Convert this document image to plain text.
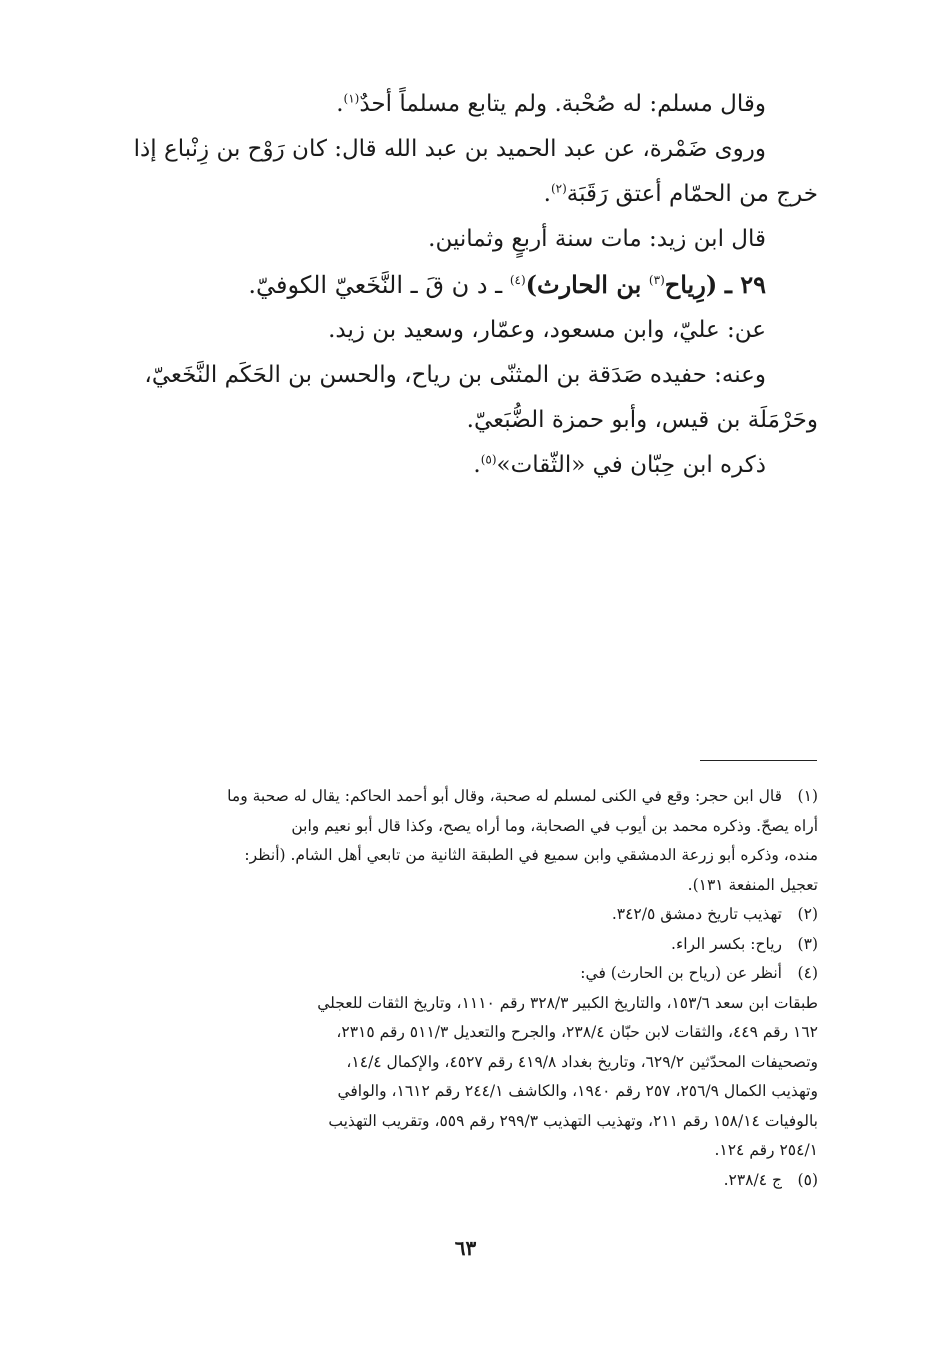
وقال مسلم: له صُحْبة. ولم يتابع مسلماً أحدٌ$^{(١)}$.
وروى ضَمْرة، عن عبد الحميد بن عبد الله قال: كان رَوْح بن زِنْباع إذا
خرج من الحمّام أعتق رَقَبَة$^{(٢)}$.
قال ابن زيد: مات سنة أربعٍ وثمانين.
٢٩ ـ (رِياح$^{(٣)}$ بن الحارث)$^{(٤)}$ ـ د ن قَ ـ النَّخَعيّ الكوفيّ.
عن: عليّ، وابن مسعود، وعمّار، وسعيد بن زيد.
وعنه: حفيده صَدَقة بن المثنّى بن رياح، والحسن بن الحَكَم النَّخَعيّ،
وحَرْمَلَة بن قيس، وأبو حمزة الضُّبَعيّ.
ذكره ابن حِبّان في «الثّقات»$^{(٥)}$.
(١)قال ابن حجر: وقع في الكنى لمسلم له صحبة، وقال أبو أحمد الحاكم: يقال له صحبة وما
أراه يصحّ. وذكره محمد بن أيوب في الصحابة، وما أراه يصح، وكذا قال أبو نعيم وابن
منده، وذكره أبو زرعة الدمشقي وابن سميع في الطبقة الثانية من تابعي أهل الشام. (أنظر:
تعجيل المنفعة ١٣١).
(٢)تهذيب تاريخ دمشق ٣٤٢/٥.
(٣)رياح: بكسر الراء.
(٤)أنظر عن (رياح بن الحارث) في:
طبقات ابن سعد ١٥٣/٦، والتاريخ الكبير ٣٢٨/٣ رقم ١١١٠، وتاريخ الثقات للعجلي
١٦٢ رقم ٤٤٩، والثقات لابن حبّان ٢٣٨/٤، والجرح والتعديل ٥١١/٣ رقم ٢٣١٥،
وتصحيفات المحدّثين ٦٢٩/٢، وتاريخ بغداد ٤١٩/٨ رقم ٤٥٢٧، والإكمال ١٤/٤،
وتهذيب الكمال ٢٥٦/٩، ٢٥٧ رقم ١٩٤٠، والكاشف ٢٤٤/١ رقم ١٦١٢، والوافي
بالوفيات ١٥٨/١٤ رقم ٢١١، وتهذيب التهذيب ٢٩٩/٣ رقم ٥٥٩، وتقريب التهذيب
٢٥٤/١ رقم ١٢٤.
(٥)ج ٢٣٨/٤.
٦٣
